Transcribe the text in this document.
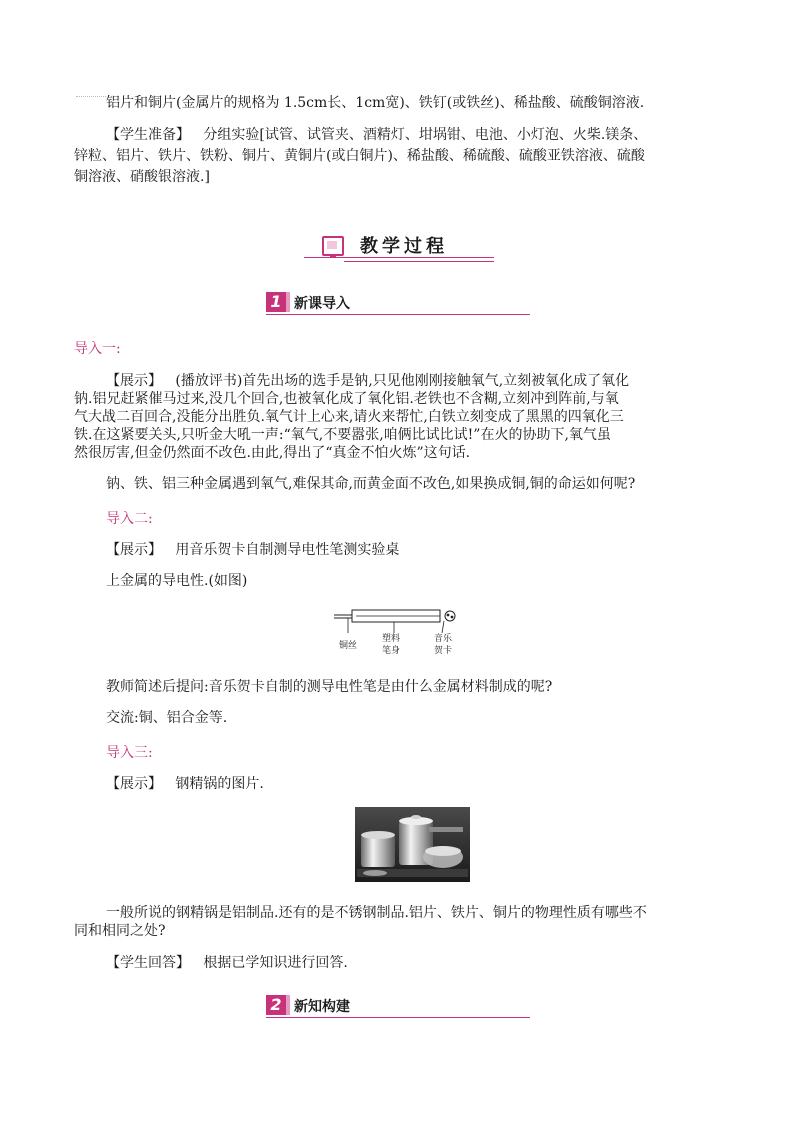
铝片和铜片(金属片的规格为 1.5cm长、1cm宽)、铁钉(或铁丝)、稀盐酸、硫酸铜溶液.
【学生准备】 分组实验[试管、试管夹、酒精灯、坩埚钳、电池、小灯泡、火柴.镁条、
锌粒、铝片、铁片、铁粉、铜片、黄铜片(或白铜片)、稀盐酸、稀硫酸、硫酸亚铁溶液、硫酸
铜溶液、硝酸银溶液.]
教学过程
1 新课导入
导入一:
【展示】 (播放评书)首先出场的选手是钠,只见他刚刚接触氧气,立刻被氧化成了氧化
钠.铝兄赶紧催马过来,没几个回合,也被氧化成了氧化铝.老铁也不含糊,立刻冲到阵前,与氧
气大战二百回合,没能分出胜负.氧气计上心来,请火来帮忙,白铁立刻变成了黑黑的四氧化三
铁.在这紧要关头,只听金大吼一声:“氧气,不要嚣张,咱俩比试比试!”在火的协助下,氧气虽
然很厉害,但金仍然面不改色.由此,得出了“真金不怕火炼”这句话.
钠、铁、铝三种金属遇到氧气,难保其命,而黄金面不改色,如果换成铜,铜的命运如何呢?
导入二:
【展示】 用音乐贺卡自制测导电性笔测实验桌
上金属的导电性.(如图)
铜丝
塑料
笔身
音乐
贺卡
教师简述后提问:音乐贺卡自制的测导电性笔是由什么金属材料制成的呢?
交流:铜、铝合金等.
导入三:
【展示】 钢精锅的图片.
一般所说的钢精锅是铝制品.还有的是不锈钢制品.铝片、铁片、铜片的物理性质有哪些不
同和相同之处?
【学生回答】 根据已学知识进行回答.
2 新知构建
